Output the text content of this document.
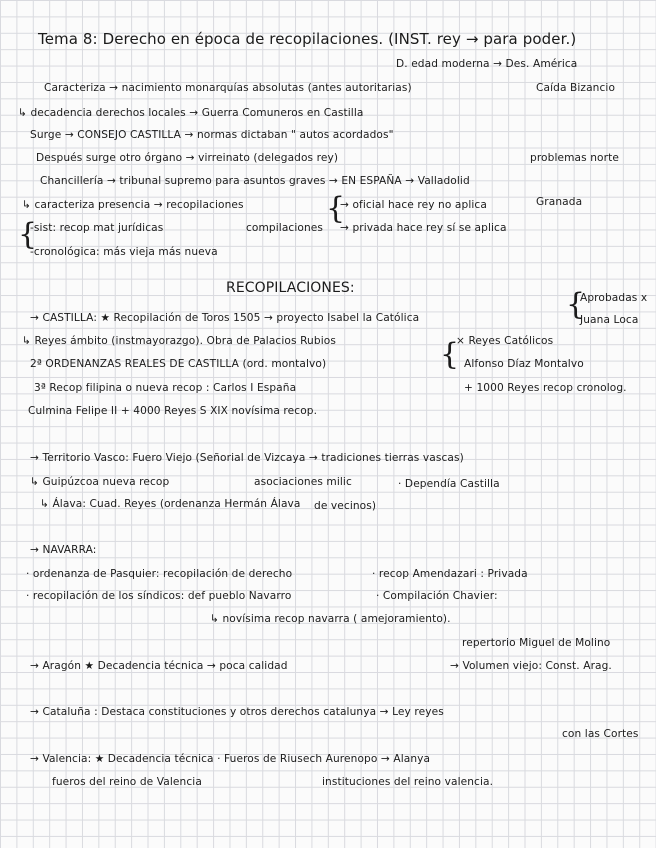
Tema 8: Derecho en época de recopilaciones. (INST. rey → para poder.)
D. edad moderna → Des. América
Caracteriza → nacimiento monarquías absolutas (antes autoritarias)	Caída Bizancio
↳ decadencia derechos locales → Guerra Comuneros en Castilla
Surge → CONSEJO CASTILLA → normas dictaban " autos acordados"
Después surge otro órgano → virreinato (delegados rey)	problemas norte
Chancillería → tribunal supremo para asuntos graves → EN ESPAÑA → Valladolid
Granada
↳ caracteriza presencia → recopilaciones
compilaciones
{
→ oficial hace rey no aplica
→ privada hace rey sí se aplica
{
-sist: recop mat jurídicas
-cronológica: más vieja más nueva
RECOPILACIONES:
→ CASTILLA: ★ Recopilación de Toros 1505 → proyecto Isabel la Católica	{
Aprobadas x
Juana Loca
↳ Reyes ámbito (instmayorazgo). Obra de Palacios Rubios	{
× Reyes Católicos
2ª ORDENANZAS REALES DE CASTILLA (ord. montalvo)	Alfonso Díaz Montalvo
3ª Recop filipina o nueva recop : Carlos I España	+ 1000 Reyes recop cronolog.
Culmina Felipe II + 4000 Reyes S XIX novísima recop.
→ Territorio Vasco: Fuero Viejo (Señorial de Vizcaya → tradiciones tierras vascas)
↳ Guipúzcoa nueva recop	asociaciones milic	· Dependía Castilla
↳ Álava: Cuad. Reyes (ordenanza Hermán Álava de vecinos)
→ NAVARRA:
· ordenanza de Pasquier: recopilación de derecho	· recop Amendazari : Privada
· recopilación de los síndicos: def pueblo Navarro	· Compilación Chavier:
↳ novísima recop navarra ( amejoramiento).
repertorio Miguel de Molino
→ Aragón ★ Decadencia técnica → poca calidad	→ Volumen viejo: Const. Arag.
→ Cataluña : Destaca constituciones y otros derechos catalunya → Ley reyes
con las Cortes
→ Valencia: ★ Decadencia técnica · Fueros de Riusech Aurenopo → Alanya
fueros del reino de Valencia	instituciones del reino valencia.
